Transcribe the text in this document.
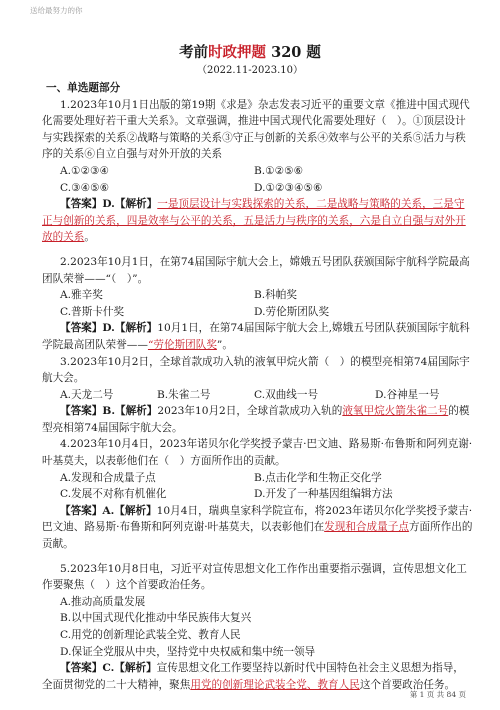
送给最努力的你
考前时政押题 320 题
（2022.11-2023.10）
一、单选题部分

1.2023年10月1日出版的第19期《求是》杂志发表习近平的重要文章《推进中国式现代化需要处理好若干重大关系》。文章强调，推进中国式现代化需要处理好（　）。①顶层设计与实践探索的关系②战略与策略的关系③守正与创新的关系④效率与公平的关系⑤活力与秩序的关系⑥自立自强与对外开放的关系

A.①②③④	B.①②⑤⑥
C.③④⑤⑥	D.①②③④⑤⑥

【答案】D.【解析】一是顶层设计与实践探索的关系，二是战略与策略的关系，三是守正与创新的关系，四是效率与公平的关系，五是活力与秩序的关系，六是自立自强与对外开放的关系。

2.2023年10月1日，在第74届国际宇航大会上，嫦娥五号团队获颁国际宇航科学院最高团队荣誉——“（　）”。

A.雅辛奖	B.科帕奖
C.普斯卡什奖	D.劳伦斯团队奖

【答案】D.【解析】10月1日，在第74届国际宇航大会上,嫦娥五号团队获颁国际宇航科学院最高团队荣誉——“劳伦斯团队奖”。

3.2023年10月2日，全球首款成功入轨的液氧甲烷火箭（　）的模型亮相第74届国际宇航大会。

A.天龙二号	B.朱雀二号	C.双曲线一号	D.谷神星一号

【答案】B.【解析】2023年10月2日，全球首款成功入轨的液氧甲烷火箭朱雀二号的模型亮相第74届国际宇航大会。

4.2023年10月4日，2023年诺贝尔化学奖授予蒙吉·巴文迪、路易斯·布鲁斯和阿列克谢·叶基莫夫，以表彰他们在（　）方面所作出的贡献。

A.发现和合成量子点	B.点击化学和生物正交化学
C.发展不对称有机催化	D.开发了一种基因组编辑方法

【答案】A.【解析】10月4日，瑞典皇家科学院宣布，将2023年诺贝尔化学奖授予蒙吉·巴文迪、路易斯·布鲁斯和阿列克谢·叶基莫夫，以表彰他们在发现和合成量子点方面所作出的贡献。

5.2023年10月8日电，习近平对宣传思想文化工作作出重要指示强调，宣传思想文化工作要聚焦（　）这个首要政治任务。

A.推动高质量发展
B.以中国式现代化推动中华民族伟大复兴
C.用党的创新理论武装全党、教育人民
D.保证全党服从中央，坚持党中央权威和集中统一领导

【答案】C.【解析】宣传思想文化工作要坚持以新时代中国特色社会主义思想为指导，全面贯彻党的二十大精神，聚焦用党的创新理论武装全党、教育人民这个首要政治任务。

第 1 页 共 84 页
